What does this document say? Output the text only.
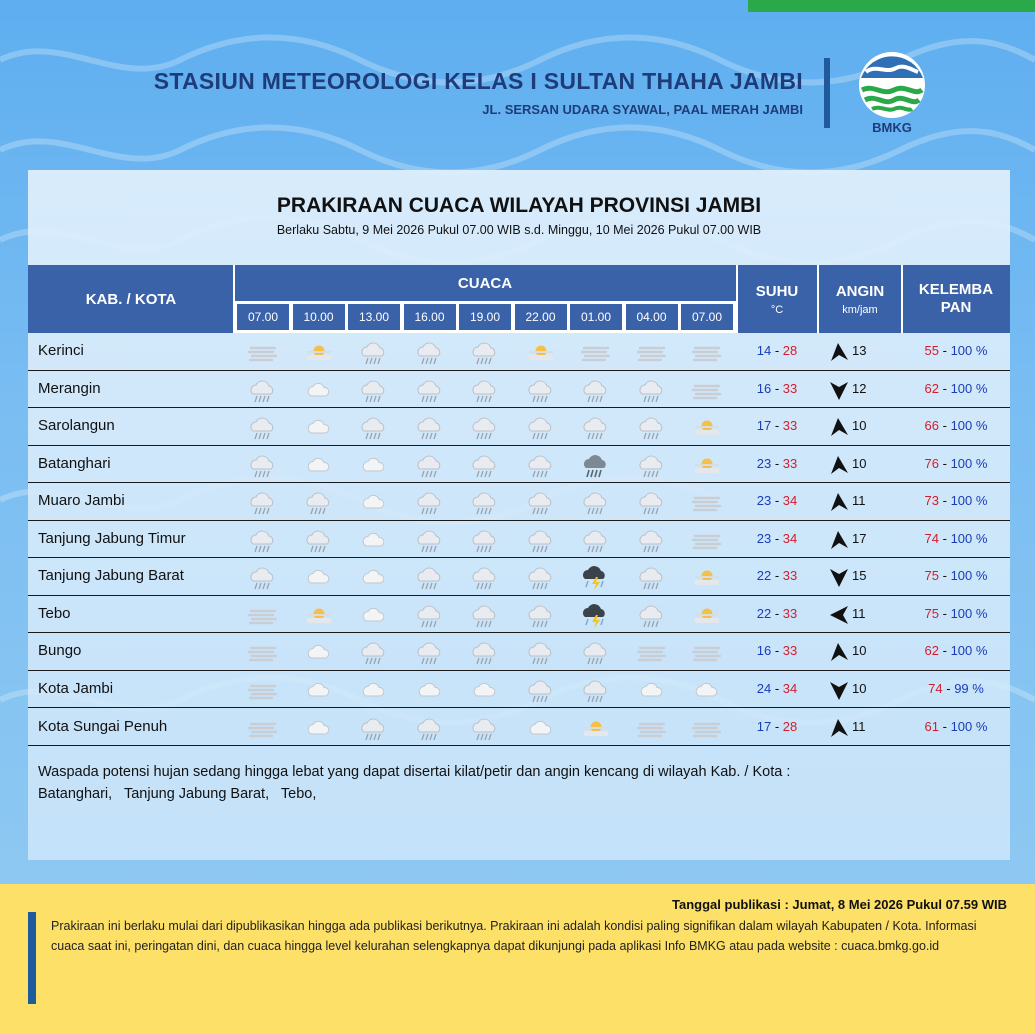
STASIUN METEOROLOGI KELAS I SULTAN THAHA JAMBI
JL. SERSAN UDARA SYAWAL, PAAL MERAH JAMBI
BMKG
PRAKIRAAN CUACA WILAYAH PROVINSI JAMBI
Berlaku Sabtu, 9 Mei 2026 Pukul 07.00 WIB s.d. Minggu, 10 Mei 2026 Pukul 07.00 WIB
KAB. / KOTA
CUACA
07.00	10.00	13.00	16.00	19.00	22.00	01.00	04.00	07.00
SUHU
°C
ANGIN
km/jam
KELEMBA
PAN
Kerinci	14 - 28	13	55 - 100 %
Merangin	16 - 33	12	62 - 100 %
Sarolangun	17 - 33	10	66 - 100 %
Batanghari	23 - 33	10	76 - 100 %
Muaro Jambi	23 - 34	11	73 - 100 %
Tanjung Jabung Timur	23 - 34	17	74 - 100 %
Tanjung Jabung Barat	22 - 33	15	75 - 100 %
Tebo	22 - 33	11	75 - 100 %
Bungo	16 - 33	10	62 - 100 %
Kota Jambi	24 - 34	10	74 - 99 %
Kota Sungai Penuh	17 - 28	11	61 - 100 %
Waspada potensi hujan sedang hingga lebat yang dapat disertai kilat/petir dan angin kencang di wilayah Kab. / Kota :
Batanghari,   Tanjung Jabung Barat,   Tebo,
Tanggal publikasi : Jumat, 8 Mei 2026 Pukul 07.59 WIB
Prakiraan ini berlaku mulai dari dipublikasikan hingga ada publikasi berikutnya. Prakiraan ini adalah kondisi paling signifikan dalam wilayah Kabupaten / Kota. Informasi cuaca saat ini, peringatan dini, dan cuaca hingga level kelurahan selengkapnya dapat dikunjungi pada aplikasi Info BMKG atau pada website : cuaca.bmkg.go.id
